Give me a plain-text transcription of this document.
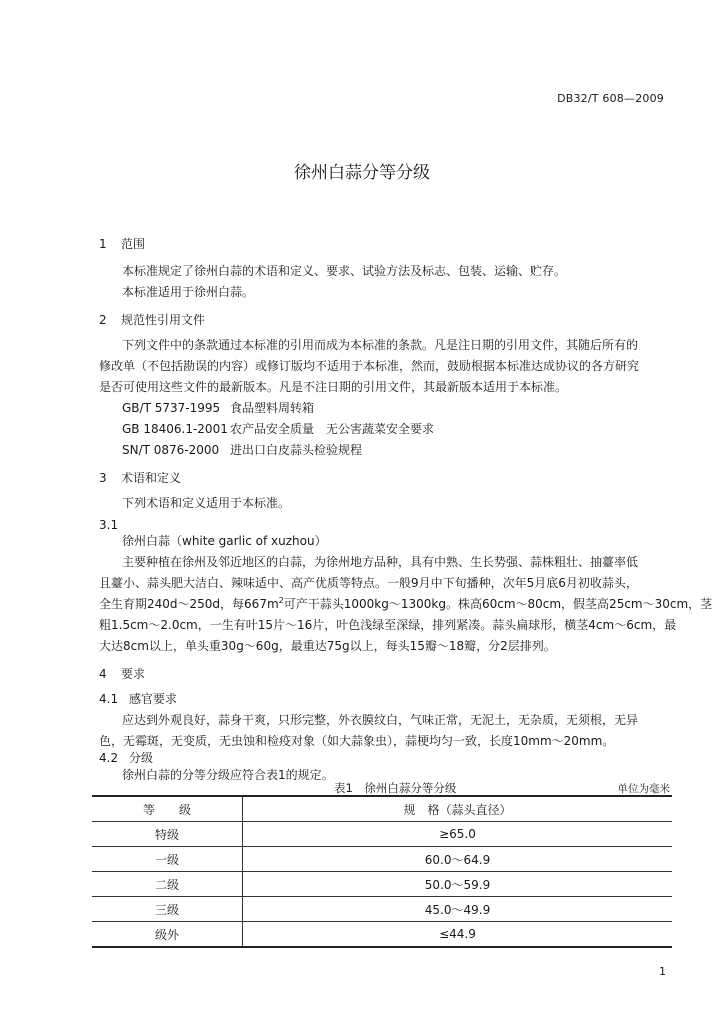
DB32/T 608—2009
徐州白蒜分等分级
1 范围
本标准规定了徐州白蒜的术语和定义、要求、试验方法及标志、包装、运输、贮存。
本标准适用于徐州白蒜。
2 规范性引用文件
下列文件中的条款通过本标准的引用而成为本标准的条款。凡是注日期的引用文件，其随后所有的
修改单（不包括勘误的内容）或修订版均不适用于本标准，然而，鼓励根据本标准达成协议的各方研究
是否可使用这些文件的最新版本。凡是不注日期的引用文件，其最新版本适用于本标准。
GB/T 5737-1995 食品塑料周转箱
GB 18406.1-2001 农产品安全质量　无公害蔬菜安全要求
SN/T 0876-2000 进出口白皮蒜头检验规程
3 术语和定义
下列术语和定义适用于本标准。
3.1
徐州白蒜（white garlic of xuzhou）
主要种植在徐州及邻近地区的白蒜，为徐州地方品种，具有中熟、生长势强、蒜株粗壮、抽薹率低
且薹小、蒜头肥大洁白、辣味适中、高产优质等特点。一般9月中下旬播种，次年5月底6月初收蒜头，
全生育期240d～250d，每$667m^2$可产干蒜头1000kg～1300kg。株高60cm～80cm，假茎高25cm～30cm，茎
粗1.5cm～2.0cm，一生有叶15片～16片，叶色浅绿至深绿，排列紧凑。蒜头扁球形，横茎4cm～6cm，最
大达8cm以上，单头重30g～60g，最重达75g以上，每头15瓣～18瓣，分2层排列。
4 要求
4.1 感官要求
应达到外观良好，蒜身干爽，只形完整，外衣膜纹白，气味正常，无泥土，无杂质，无须根，无异
色，无霉斑，无变质，无虫蚀和检疫对象（如大蒜象虫），蒜梗均匀一致，长度10mm～20mm。
4.2 分级
徐州白蒜的分等分级应符合表1的规定。
表1　徐州白蒜分等分级	单位为毫米
等　　级	规　格（蒜头直径）
特级	≥65.0
一级	60.0～64.9
二级	50.0～59.9
三级	45.0～49.9
级外	≤44.9
1
